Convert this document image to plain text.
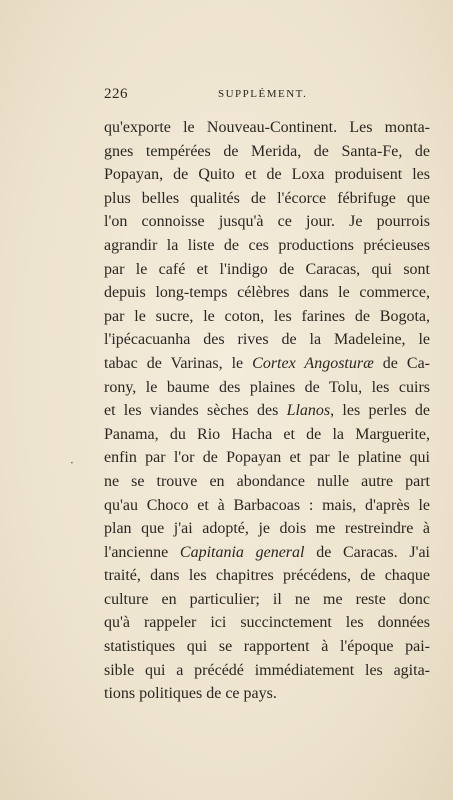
226	SUPPLÉMENT.
qu'exporte le Nouveau-Continent. Les monta-
gnes tempérées de Merida, de Santa-Fe, de
Popayan, de Quito et de Loxa produisent les
plus belles qualités de l'écorce fébrifuge que
l'on connoisse jusqu'à ce jour. Je pourrois
agrandir la liste de ces productions précieuses
par le café et l'indigo de Caracas, qui sont
depuis long-temps célèbres dans le commerce,
par le sucre, le coton, les farines de Bogota,
l'ipécacuanha des rives de la Madeleine, le
tabac de Varinas, le Cortex Angosturæ de Ca-
rony, le baume des plaines de Tolu, les cuirs
et les viandes sèches des Llanos, les perles de
Panama, du Rio Hacha et de la Marguerite,
enfin par l'or de Popayan et par le platine qui
ne se trouve en abondance nulle autre part
qu'au Choco et à Barbacoas : mais, d'après le
plan que j'ai adopté, je dois me restreindre à
l'ancienne Capitania general de Caracas. J'ai
traité, dans les chapitres précédens, de chaque
culture en particulier; il ne me reste donc
qu'à rappeler ici succinctement les données
statistiques qui se rapportent à l'époque pai-
sible qui a précédé immédiatement les agita-
tions politiques de ce pays.
·
